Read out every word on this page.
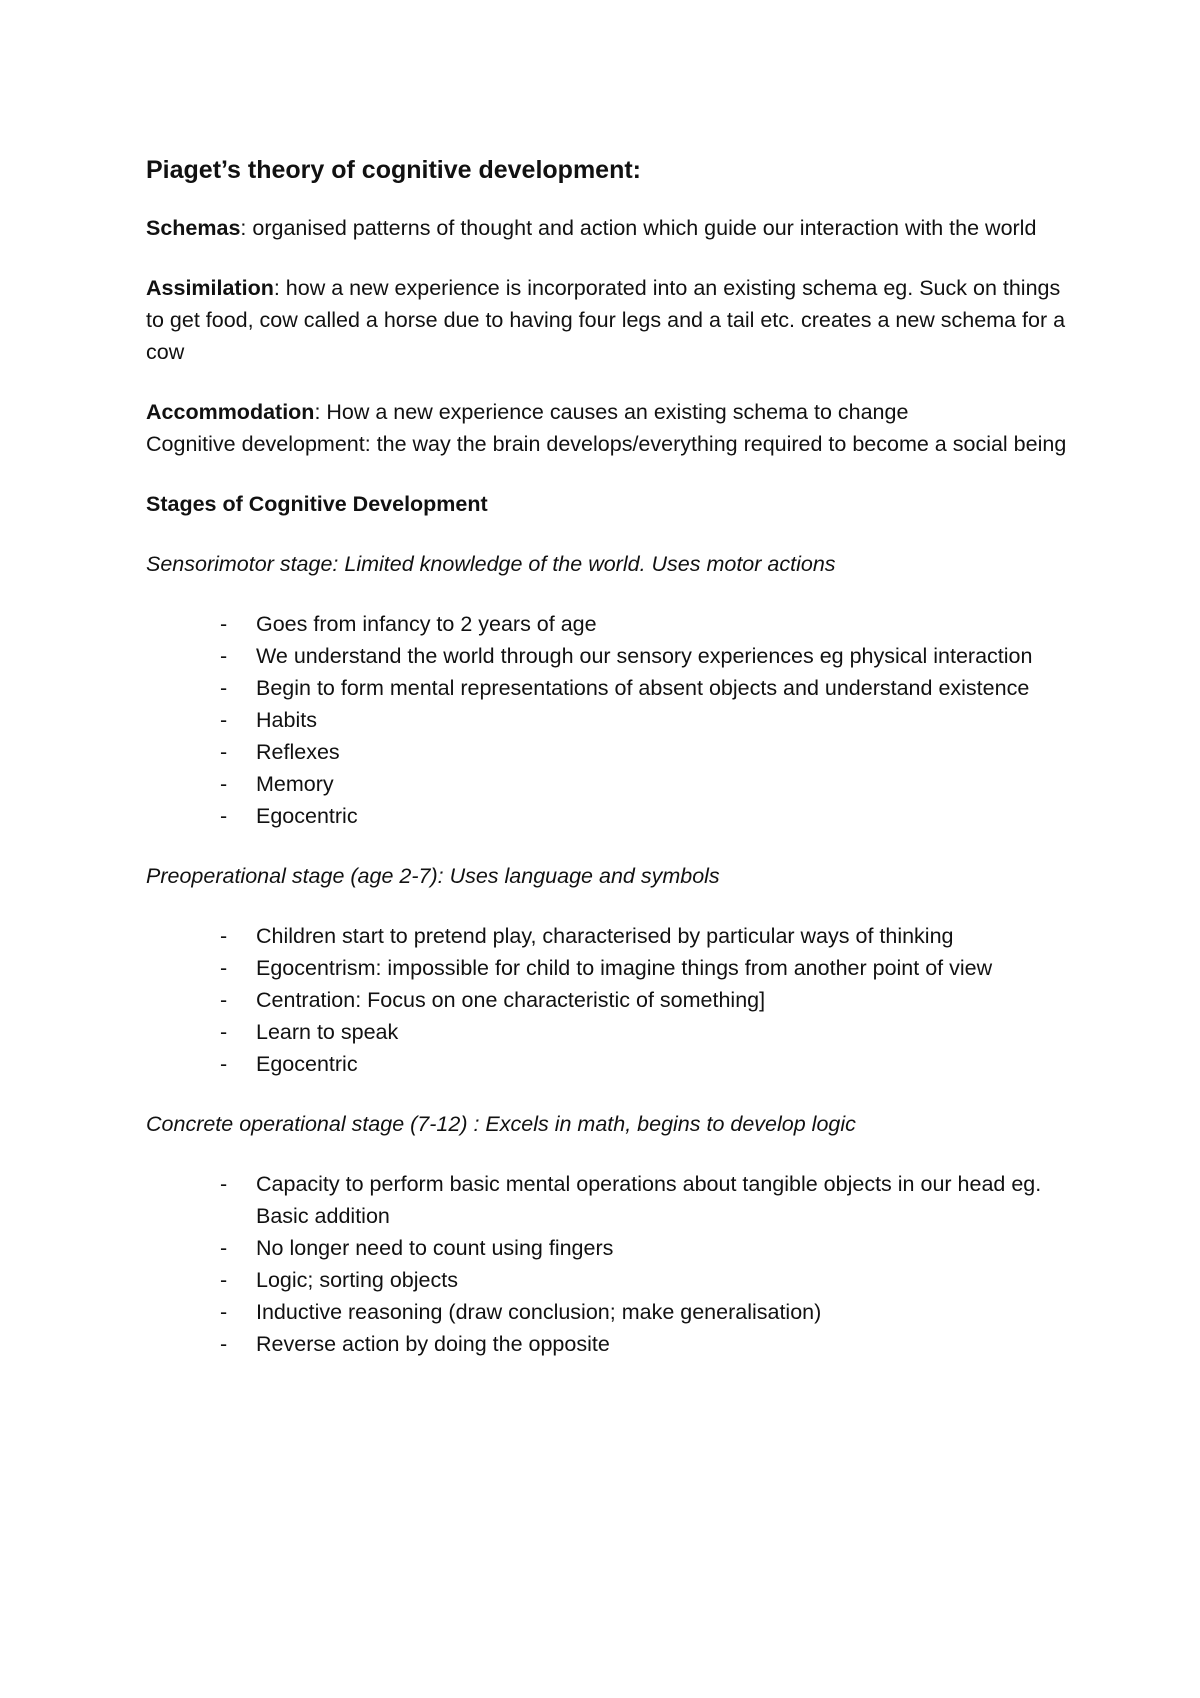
Piaget’s theory of cognitive development:

Schemas: organised patterns of thought and action which guide our interaction with the world

Assimilation: how a new experience is incorporated into an existing schema eg. Suck on things to get food, cow called a horse due to having four legs and a tail etc. creates a new schema for a cow

Accommodation: How a new experience causes an existing schema to change
Cognitive development: the way the brain develops/everything required to become a social being

Stages of Cognitive Development

Sensorimotor stage: Limited knowledge of the world. Uses motor actions

- Goes from infancy to 2 years of age
- We understand the world through our sensory experiences eg physical interaction
- Begin to form mental representations of absent objects and understand existence
- Habits
- Reflexes
- Memory
- Egocentric

Preoperational stage (age 2-7): Uses language and symbols

- Children start to pretend play, characterised by particular ways of thinking
- Egocentrism: impossible for child to imagine things from another point of view
- Centration: Focus on one characteristic of something]
- Learn to speak
- Egocentric

Concrete operational stage (7-12) : Excels in math, begins to develop logic

- Capacity to perform basic mental operations about tangible objects in our head eg. Basic addition
- No longer need to count using fingers
- Logic; sorting objects
- Inductive reasoning (draw conclusion; make generalisation)
- Reverse action by doing the opposite
